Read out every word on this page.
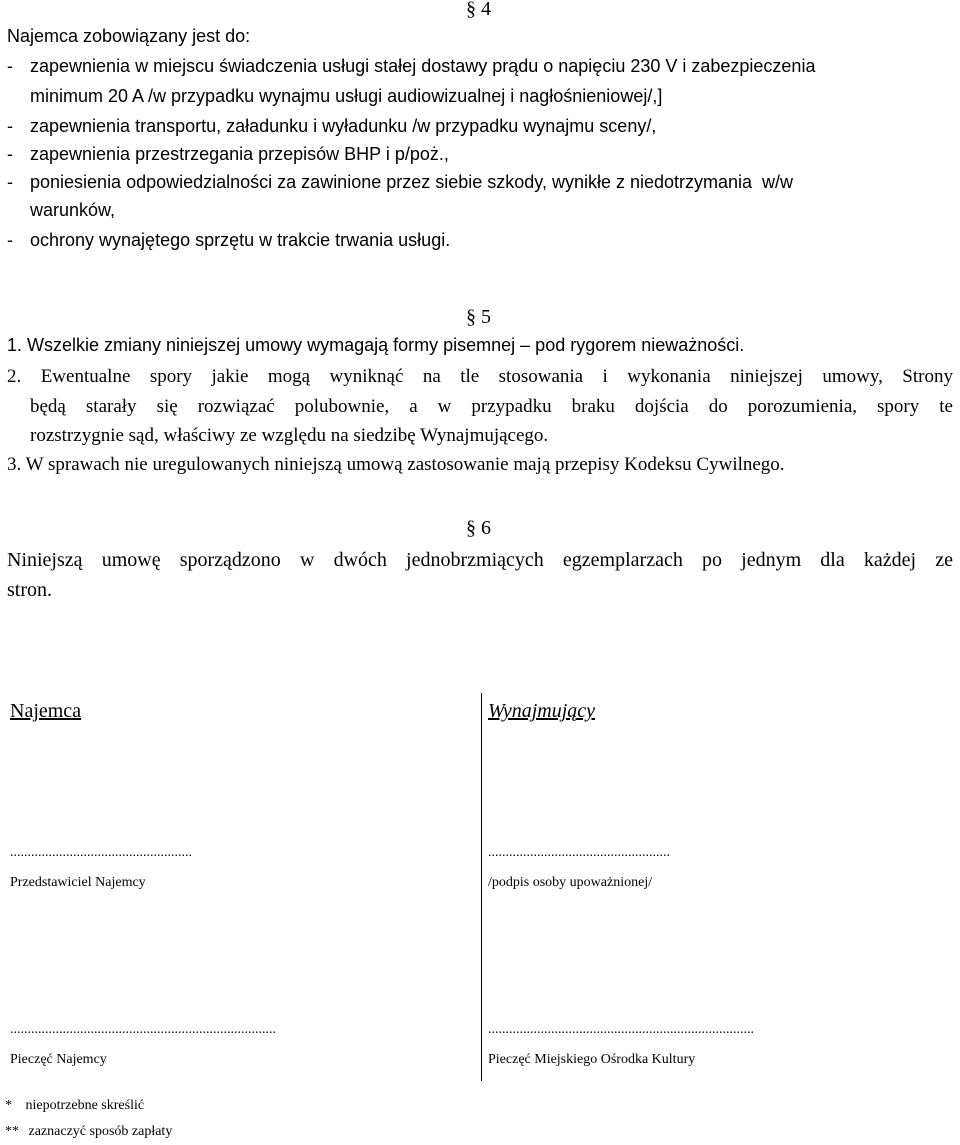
§ 4
Najemca zobowiązany jest do:
- zapewnienia w miejscu świadczenia usługi stałej dostawy prądu o napięciu 230 V i zabezpieczenia
minimum 20 A /w przypadku wynajmu usługi audiowizualnej i nagłośnieniowej/,]
- zapewnienia transportu, załadunku i wyładunku /w przypadku wynajmu sceny/,
- zapewnienia przestrzegania przepisów BHP i p/poż.,
- poniesienia odpowiedzialności za zawinione przez siebie szkody, wynikłe z niedotrzymania  w/w
warunków,
- ochrony wynajętego sprzętu w trakcie trwania usługi.
§ 5
1. Wszelkie zmiany niniejszej umowy wymagają formy pisemnej – pod rygorem nieważności.
2. Ewentualne spory jakie mogą wyniknąć na tle stosowania i wykonania niniejszej umowy, Strony
będą starały się rozwiązać polubownie, a w przypadku braku dojścia do porozumienia, spory te
rozstrzygnie sąd, właściwy ze względu na siedzibę Wynajmującego.
3. W sprawach nie uregulowanych niniejszą umową zastosowanie mają przepisy Kodeksu Cywilnego.
§ 6
Niniejszą umowę sporządzono w dwóch jednobrzmiących egzemplarzach po jednym dla każdej ze
stron.
Najemca	Wynajmujący
....................................................	....................................................
Przedstawiciel Najemcy	/podpis osoby upoważnionej/
............................................................................	............................................................................
Pieczęć Najemcy	Pieczęć Miejskiego Ośrodka Kultury
* niepotrzebne skreślić
** zaznaczyć sposób zapłaty
